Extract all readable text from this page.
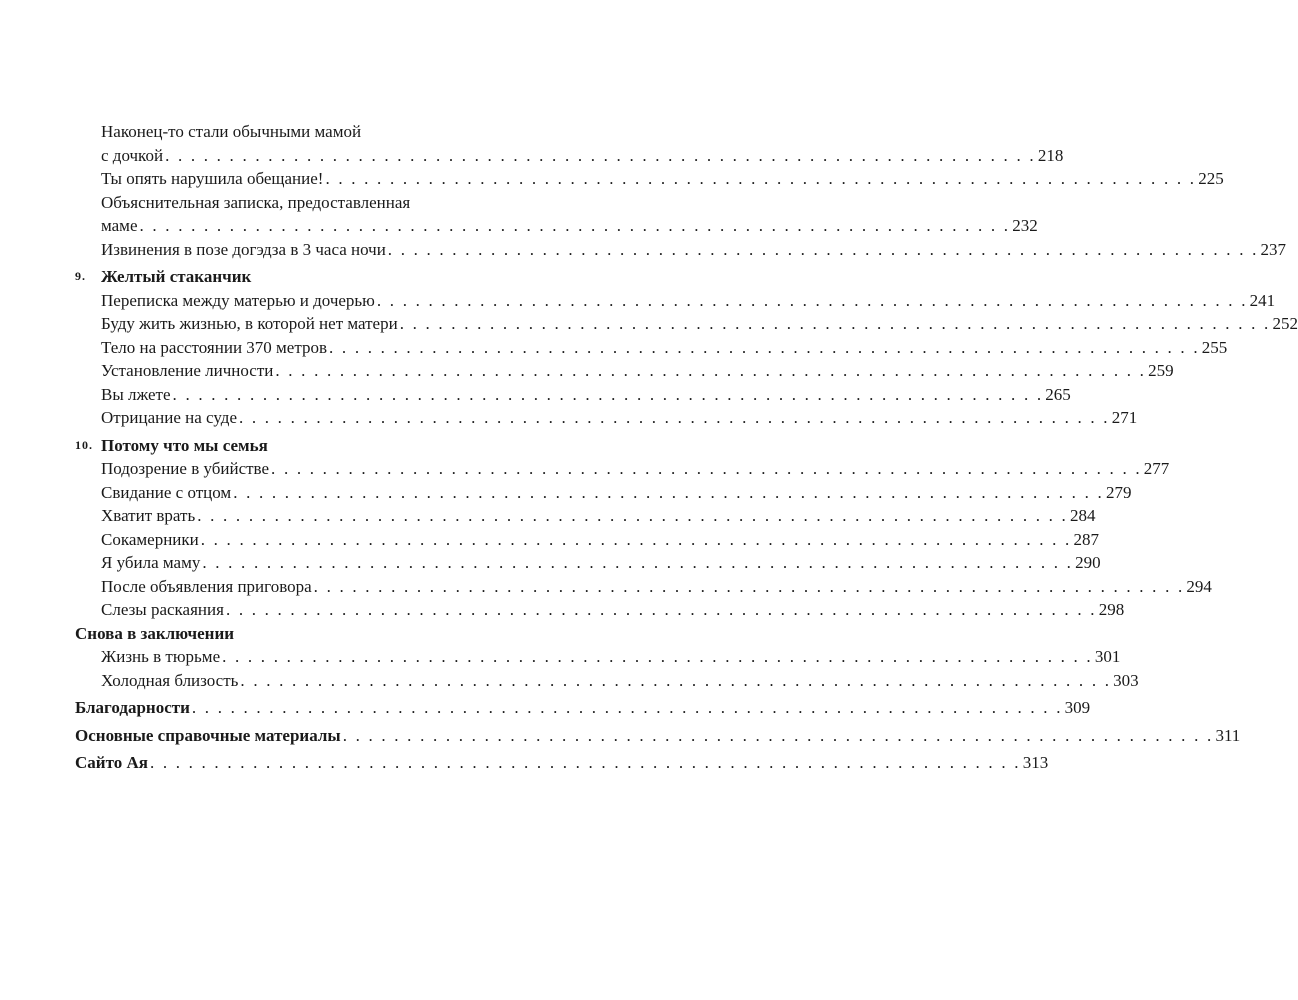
Наконец-то стали обычными мамой
с дочкой . . . . . . . . . . . . . . . . . . . . . . . . . . . . . . . . . . . . . . . . . . . . . . . . . . . . . . . . . . . . . . . . . . . . 218
Ты опять нарушила обещание! . . . . . . . . . . . . . . . . . . . . . . . . . . . . . . . . . . . . . . . . . . . . . . . . . . . . . . . . . . . . . . . . . . . . 225
Объяснительная записка, предоставленная
маме . . . . . . . . . . . . . . . . . . . . . . . . . . . . . . . . . . . . . . . . . . . . . . . . . . . . . . . . . . . . . . . . . . . . 232
Извинения в позе догэдза в 3 часа ночи . . . . . . . . . . . . . . . . . . . . . . . . . . . . . . . . . . . . . . . . . . . . . . . . . . . . . . . . . . . . . . . . . . . . 237
9. Желтый стаканчик
Переписка между матерью и дочерью . . . . . . . . . . . . . . . . . . . . . . . . . . . . . . . . . . . . . . . . . . . . . . . . . . . . . . . . . . . . . . . . . . . . 241
Буду жить жизнью, в которой нет матери . . . . . . . . . . . . . . . . . . . . . . . . . . . . . . . . . . . . . . . . . . . . . . . . . . . . . . . . . . . . . . . . . . . . 252
Тело на расстоянии 370 метров . . . . . . . . . . . . . . . . . . . . . . . . . . . . . . . . . . . . . . . . . . . . . . . . . . . . . . . . . . . . . . . . . . . . 255
Установление личности . . . . . . . . . . . . . . . . . . . . . . . . . . . . . . . . . . . . . . . . . . . . . . . . . . . . . . . . . . . . . . . . . . . . 259
Вы лжете . . . . . . . . . . . . . . . . . . . . . . . . . . . . . . . . . . . . . . . . . . . . . . . . . . . . . . . . . . . . . . . . . . . . 265
Отрицание на суде . . . . . . . . . . . . . . . . . . . . . . . . . . . . . . . . . . . . . . . . . . . . . . . . . . . . . . . . . . . . . . . . . . . . 271
10. Потому что мы семья
Подозрение в убийстве . . . . . . . . . . . . . . . . . . . . . . . . . . . . . . . . . . . . . . . . . . . . . . . . . . . . . . . . . . . . . . . . . . . . 277
Свидание с отцом . . . . . . . . . . . . . . . . . . . . . . . . . . . . . . . . . . . . . . . . . . . . . . . . . . . . . . . . . . . . . . . . . . . . 279
Хватит врать . . . . . . . . . . . . . . . . . . . . . . . . . . . . . . . . . . . . . . . . . . . . . . . . . . . . . . . . . . . . . . . . . . . . 284
Сокамерники . . . . . . . . . . . . . . . . . . . . . . . . . . . . . . . . . . . . . . . . . . . . . . . . . . . . . . . . . . . . . . . . . . . . 287
Я убила маму . . . . . . . . . . . . . . . . . . . . . . . . . . . . . . . . . . . . . . . . . . . . . . . . . . . . . . . . . . . . . . . . . . . . 290
После объявления приговора . . . . . . . . . . . . . . . . . . . . . . . . . . . . . . . . . . . . . . . . . . . . . . . . . . . . . . . . . . . . . . . . . . . . 294
Слезы раскаяния . . . . . . . . . . . . . . . . . . . . . . . . . . . . . . . . . . . . . . . . . . . . . . . . . . . . . . . . . . . . . . . . . . . . 298
Снова в заключении
Жизнь в тюрьме . . . . . . . . . . . . . . . . . . . . . . . . . . . . . . . . . . . . . . . . . . . . . . . . . . . . . . . . . . . . . . . . . . . . 301
Холодная близость . . . . . . . . . . . . . . . . . . . . . . . . . . . . . . . . . . . . . . . . . . . . . . . . . . . . . . . . . . . . . . . . . . . . 303
Благодарности . . . . . . . . . . . . . . . . . . . . . . . . . . . . . . . . . . . . . . . . . . . . . . . . . . . . . . . . . . . . . . . . . . . . 309
Основные справочные материалы . . . . . . . . . . . . . . . . . . . . . . . . . . . . . . . . . . . . . . . . . . . . . . . . . . . . . . . . . . . . . . . . . . . . 311
Сайто Ая . . . . . . . . . . . . . . . . . . . . . . . . . . . . . . . . . . . . . . . . . . . . . . . . . . . . . . . . . . . . . . . . . . . . 313
